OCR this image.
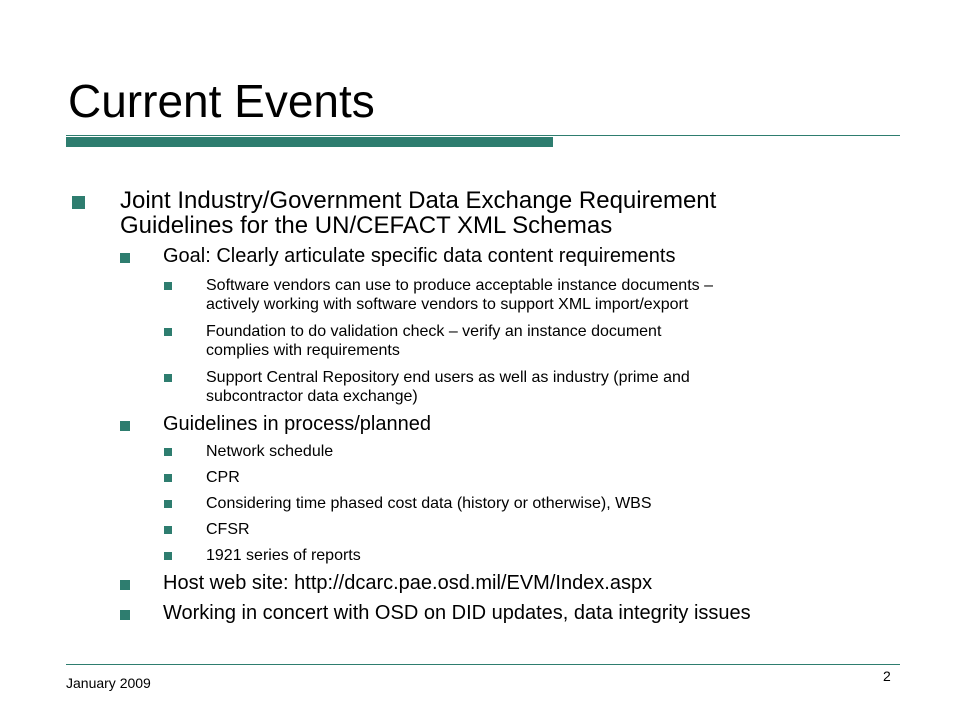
Current Events
Joint Industry/Government Data Exchange Requirement
Guidelines for the UN/CEFACT XML Schemas
Goal: Clearly articulate specific data content requirements
Software vendors can use to produce acceptable instance documents –
actively working with software vendors to support XML import/export
Foundation to do validation check – verify an instance document
complies with requirements
Support Central Repository end users as well as industry (prime and
subcontractor data exchange)
Guidelines in process/planned
Network schedule
CPR
Considering time phased cost data (history or otherwise), WBS
CFSR
1921 series of reports
Host web site: http://dcarc.pae.osd.mil/EVM/Index.aspx
Working in concert with OSD on DID updates, data integrity issues
January 2009	2
